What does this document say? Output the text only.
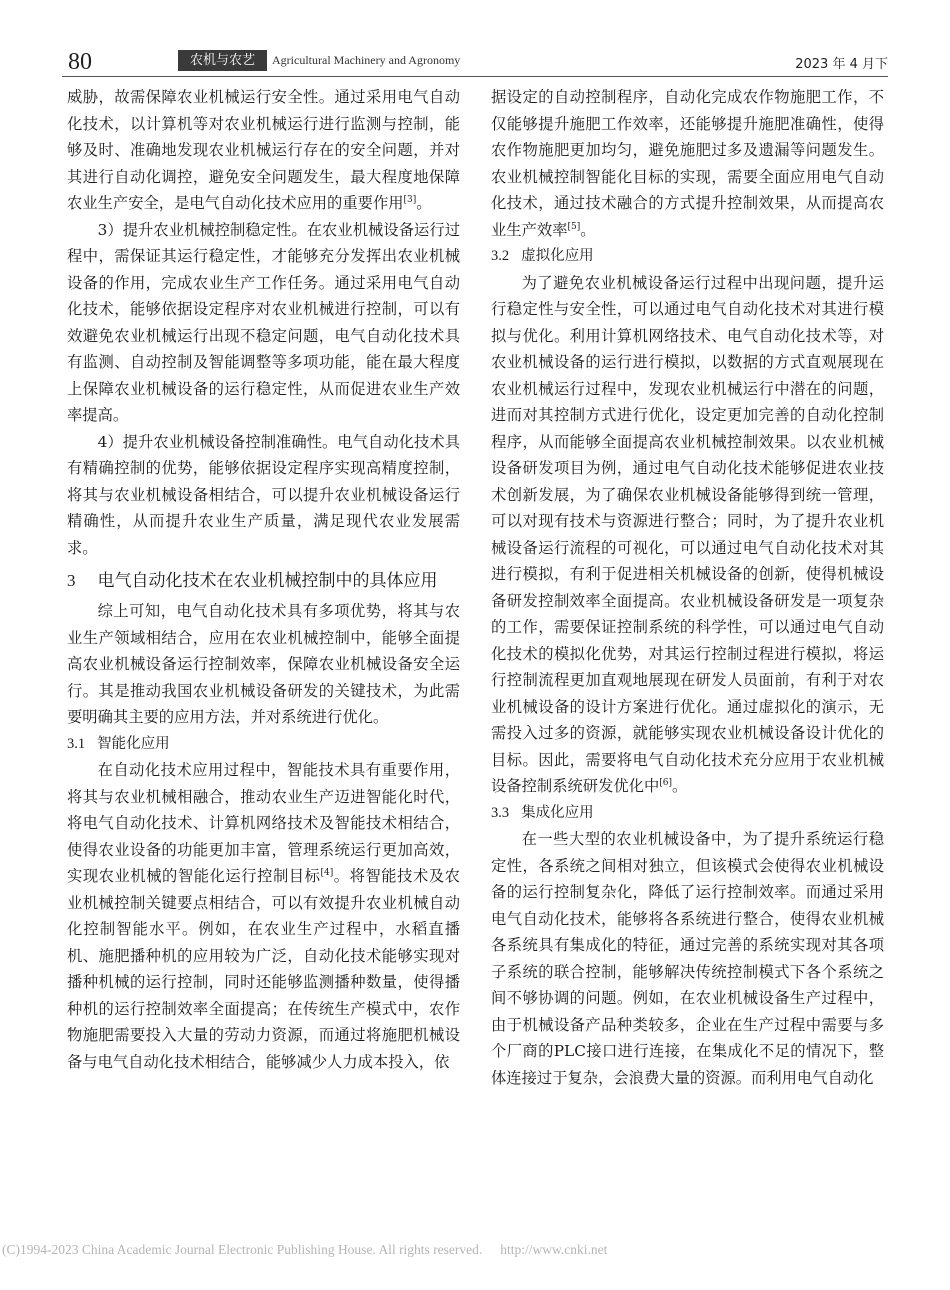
80	农机与农艺	Agricultural Machinery and Agronomy	2023 年 4 月下

威胁，故需保障农业机械运行安全性。通过采用电气自动化技术，以计算机等对农业机械运行进行监测与控制，能够及时、准确地发现农业机械运行存在的安全问题，并对其进行自动化调控，避免安全问题发生，最大程度地保障农业生产安全，是电气自动化技术应用的重要作用[3]。

3）提升农业机械控制稳定性。在农业机械设备运行过程中，需保证其运行稳定性，才能够充分发挥出农业机械设备的作用，完成农业生产工作任务。通过采用电气自动化技术，能够依据设定程序对农业机械进行控制，可以有效避免农业机械运行出现不稳定问题，电气自动化技术具有监测、自动控制及智能调整等多项功能，能在最大程度上保障农业机械设备的运行稳定性，从而促进农业生产效率提高。

4）提升农业机械设备控制准确性。电气自动化技术具有精确控制的优势，能够依据设定程序实现高精度控制，将其与农业机械设备相结合，可以提升农业机械设备运行精确性，从而提升农业生产质量，满足现代农业发展需求。

3 电气自动化技术在农业机械控制中的具体应用

综上可知，电气自动化技术具有多项优势，将其与农业生产领域相结合，应用在农业机械控制中，能够全面提高农业机械设备运行控制效率，保障农业机械设备安全运行。其是推动我国农业机械设备研发的关键技术，为此需要明确其主要的应用方法，并对系统进行优化。

3.1 智能化应用

在自动化技术应用过程中，智能技术具有重要作用，将其与农业机械相融合，推动农业生产迈进智能化时代，将电气自动化技术、计算机网络技术及智能技术相结合，使得农业设备的功能更加丰富，管理系统运行更加高效，实现农业机械的智能化运行控制目标[4]。将智能技术及农业机械控制关键要点相结合，可以有效提升农业机械自动化控制智能水平。例如，在农业生产过程中，水稻直播机、施肥播种机的应用较为广泛，自动化技术能够实现对播种机械的运行控制，同时还能够监测播种数量，使得播种机的运行控制效率全面提高；在传统生产模式中，农作物施肥需要投入大量的劳动力资源，而通过将施肥机械设备与电气自动化技术相结合，能够减少人力成本投入，依

据设定的自动控制程序，自动化完成农作物施肥工作，不仅能够提升施肥工作效率，还能够提升施肥准确性，使得农作物施肥更加均匀，避免施肥过多及遗漏等问题发生。农业机械控制智能化目标的实现，需要全面应用电气自动化技术，通过技术融合的方式提升控制效果，从而提高农业生产效率[5]。

3.2 虚拟化应用

为了避免农业机械设备运行过程中出现问题，提升运行稳定性与安全性，可以通过电气自动化技术对其进行模拟与优化。利用计算机网络技术、电气自动化技术等，对农业机械设备的运行进行模拟，以数据的方式直观展现在农业机械运行过程中，发现农业机械运行中潜在的问题，进而对其控制方式进行优化，设定更加完善的自动化控制程序，从而能够全面提高农业机械控制效果。以农业机械设备研发项目为例，通过电气自动化技术能够促进农业技术创新发展，为了确保农业机械设备能够得到统一管理，可以对现有技术与资源进行整合；同时，为了提升农业机械设备运行流程的可视化，可以通过电气自动化技术对其进行模拟，有利于促进相关机械设备的创新，使得机械设备研发控制效率全面提高。农业机械设备研发是一项复杂的工作，需要保证控制系统的科学性，可以通过电气自动化技术的模拟化优势，对其运行控制过程进行模拟，将运行控制流程更加直观地展现在研发人员面前，有利于对农业机械设备的设计方案进行优化。通过虚拟化的演示，无需投入过多的资源，就能够实现农业机械设备设计优化的目标。因此，需要将电气自动化技术充分应用于农业机械设备控制系统研发优化中[6]。

3.3 集成化应用

在一些大型的农业机械设备中，为了提升系统运行稳定性，各系统之间相对独立，但该模式会使得农业机械设备的运行控制复杂化，降低了运行控制效率。而通过采用电气自动化技术，能够将各系统进行整合，使得农业机械各系统具有集成化的特征，通过完善的系统实现对其各项子系统的联合控制，能够解决传统控制模式下各个系统之间不够协调的问题。例如，在农业机械设备生产过程中，由于机械设备产品种类较多，企业在生产过程中需要与多个厂商的PLC接口进行连接，在集成化不足的情况下，整体连接过于复杂，会浪费大量的资源。而利用电气自动化

(C)1994-2023 China Academic Journal Electronic Publishing House. All rights reserved. http://www.cnki.net
